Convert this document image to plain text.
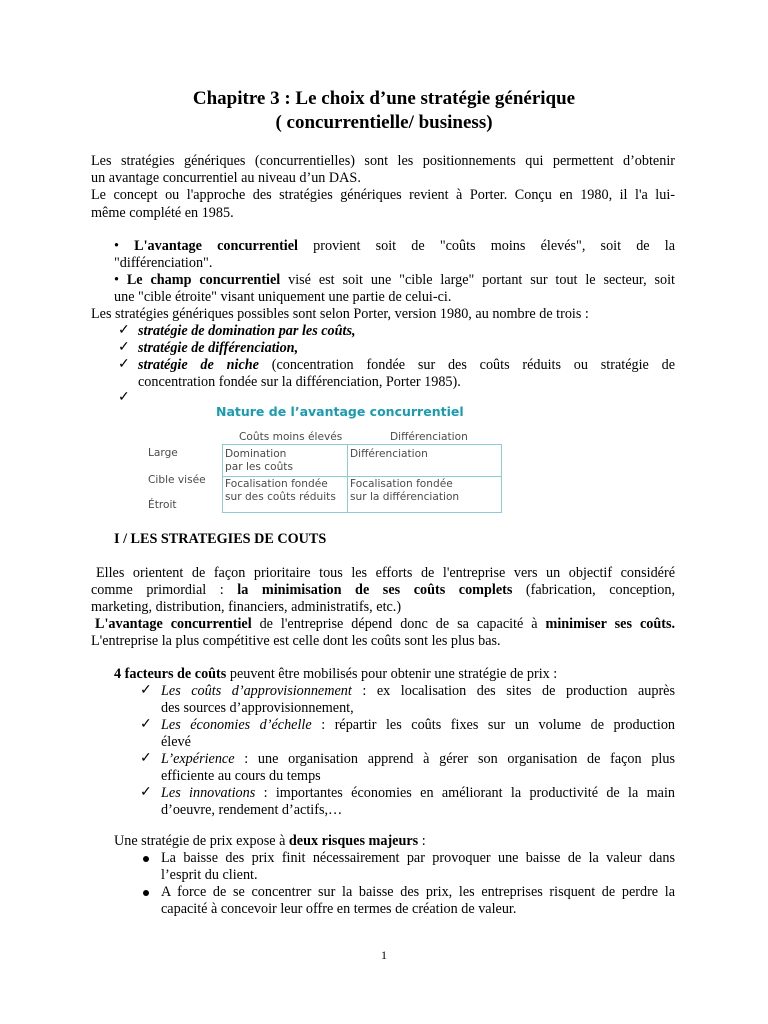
Chapitre 3 : Le choix d’une stratégie générique
( concurrentielle/ business)
Les stratégies génériques (concurrentielles) sont les positionnements qui permettent d’obtenir
un avantage concurrentiel au niveau d’un DAS.
Le concept ou l'approche des stratégies génériques revient à Porter. Conçu en 1980, il l'a lui-
même complété en 1985.
• L'avantage concurrentiel provient soit de "coûts moins élevés", soit de la
"différenciation".
• Le champ concurrentiel visé est soit une "cible large" portant sur tout le secteur, soit
une "cible étroite" visant uniquement une partie de celui-ci.
Les stratégies génériques possibles sont selon Porter, version 1980, au nombre de trois :
✓ stratégie de domination par les coûts,
✓ stratégie de différenciation,
✓ stratégie de niche (concentration fondée sur des coûts réduits ou stratégie de
concentration fondée sur la différenciation, Porter 1985).
✓
Nature de l’avantage concurrentiel
Coûts moins élevés	Différenciation
Large
Cible visée
Étroit
Domination
par les coûts
Différenciation
Focalisation fondée
sur des coûts réduits
Focalisation fondée
sur la différenciation
I / LES STRATEGIES DE COUTS
Elles orientent de façon prioritaire tous les efforts de l'entreprise vers un objectif considéré
comme primordial : la minimisation de ses coûts complets (fabrication, conception,
marketing, distribution, financiers, administratifs, etc.)
L'avantage concurrentiel de l'entreprise dépend donc de sa capacité à minimiser ses coûts.
L'entreprise la plus compétitive est celle dont les coûts sont les plus bas.
4 facteurs de coûts peuvent être mobilisés pour obtenir une stratégie de prix :
✓ Les coûts d’approvisionnement : ex localisation des sites de production auprès
des sources d’approvisionnement,
✓ Les économies d’échelle : répartir les coûts fixes sur un volume de production
élevé
✓ L’expérience : une organisation apprend à gérer son organisation de façon plus
efficiente au cours du temps
✓ Les innovations : importantes économies en améliorant la productivité de la main
d’oeuvre, rendement d’actifs,…
Une stratégie de prix expose à deux risques majeurs :
La baisse des prix finit nécessairement par provoquer une baisse de la valeur dans
l’esprit du client.
A force de se concentrer sur la baisse des prix, les entreprises risquent de perdre la
capacité à concevoir leur offre en termes de création de valeur.
1
